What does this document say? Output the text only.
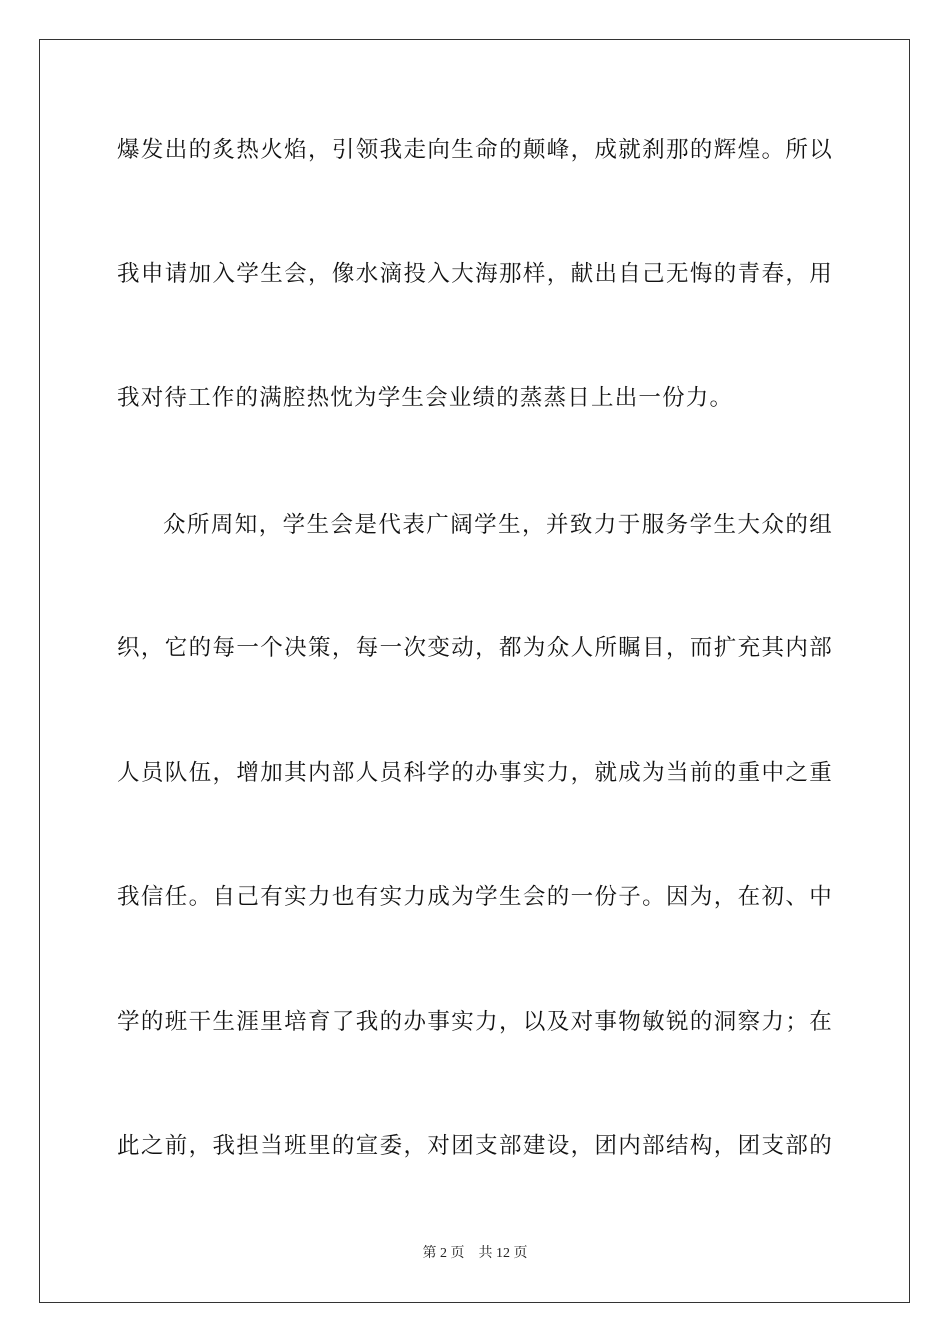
爆发出的炙热火焰，引领我走向生命的颠峰，成就刹那的辉煌。所以
我申请加入学生会，像水滴投入大海那样，献出自己无悔的青春，用
我对待工作的满腔热忱为学生会业绩的蒸蒸日上出一份力。
众所周知，学生会是代表广阔学生，并致力于服务学生大众的组
织，它的每一个决策，每一次变动，都为众人所瞩目，而扩充其内部
人员队伍，增加其内部人员科学的办事实力，就成为当前的重中之重
我信任。自己有实力也有实力成为学生会的一份子。因为，在初、中
学的班干生涯里培育了我的办事实力，以及对事物敏锐的洞察力；在
此之前，我担当班里的宣委，对团支部建设，团内部结构，团支部的
第 2 页    共 12 页
